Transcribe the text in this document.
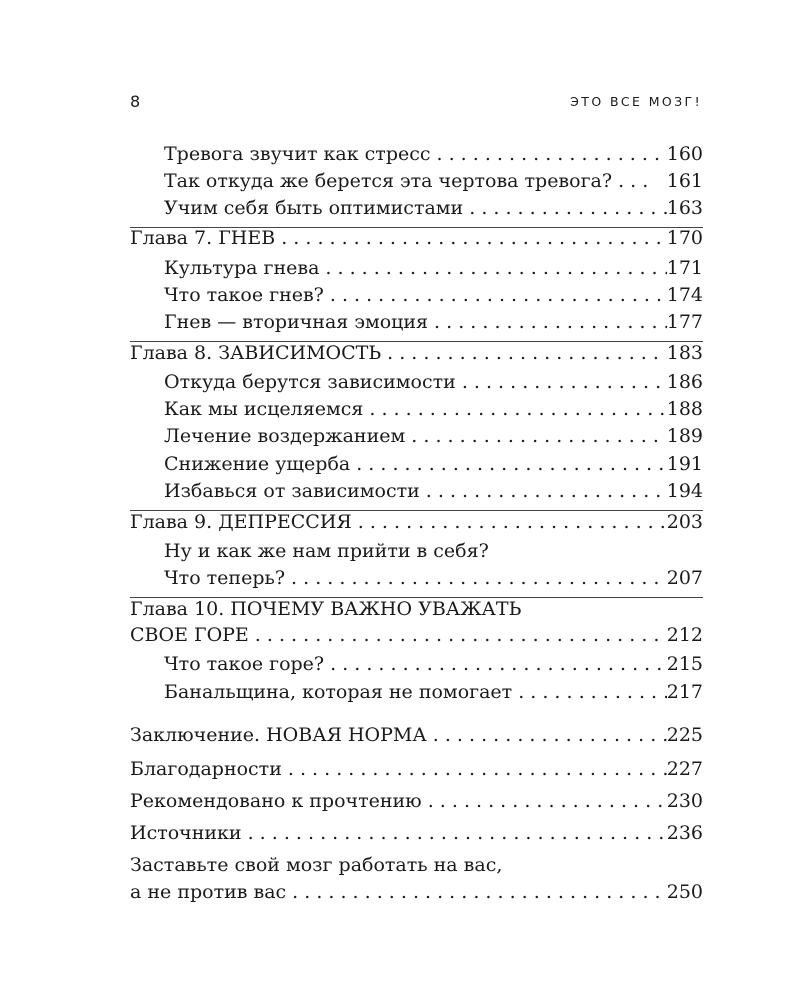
8	ЭТО ВСЕ МОЗГ!
Тревога звучит как стресс . . .	160
Так откуда же берется эта чертова тревога? . . . 161
Учим себя быть оптимистами . . .	163
Глава 7. ГНЕВ . . .	170
Культура гнева . . .	171
Что такое гнев? . . .	174
Гнев — вторичная эмоция . . .	177
Глава 8. ЗАВИСИМОСТЬ . . .	183
Откуда берутся зависимости . . .	186
Как мы исцеляемся . . .	188
Лечение воздержанием . . .	189
Снижение ущерба . . .	191
Избавься от зависимости . . .	194
Глава 9. ДЕПРЕССИЯ . . .	203
Ну и как же нам прийти в себя?
Что теперь? . . .	207
Глава 10. ПОЧЕМУ ВАЖНО УВАЖАТЬ
СВОЕ ГОРЕ . . .	212
Что такое горе? . . .	215
Банальщина, которая не помогает . . .	217
Заключение. НОВАЯ НОРМА . . .	225
Благодарности . . .	227
Рекомендовано к прочтению . . .	230
Источники . . .	236
Заставьте свой мозг работать на вас,
а не против вас . . .	250
